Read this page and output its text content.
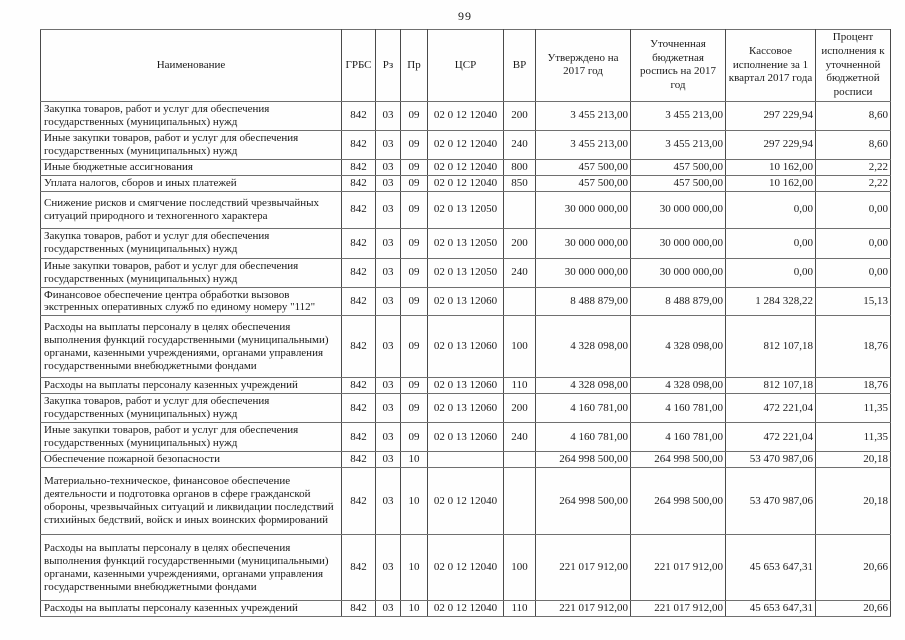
99
Наименование	ГРБС	Рз	Пр	ЦСР	ВР	Утверждено на 2017 год	Уточненная бюджетная роспись на 2017 год	Кассовое исполнение за 1 квартал 2017 года	Процент исполнения к уточненной бюджетной росписи
Закупка товаров, работ и услуг для обеспечения государственных (муниципальных) нужд	842	03	09	02 0 12 12040	200	3 455 213,00	3 455 213,00	297 229,94	8,60
Иные закупки товаров, работ и услуг для обеспечения государственных (муниципальных) нужд	842	03	09	02 0 12 12040	240	3 455 213,00	3 455 213,00	297 229,94	8,60
Иные бюджетные ассигнования	842	03	09	02 0 12 12040	800	457 500,00	457 500,00	10 162,00	2,22
Уплата налогов, сборов и иных платежей	842	03	09	02 0 12 12040	850	457 500,00	457 500,00	10 162,00	2,22
Снижение рисков и смягчение последствий чрезвычайных ситуаций природного и техногенного характера	842	03	09	02 0 13 12050		30 000 000,00	30 000 000,00	0,00	0,00
Закупка товаров, работ и услуг для обеспечения государственных (муниципальных) нужд	842	03	09	02 0 13 12050	200	30 000 000,00	30 000 000,00	0,00	0,00
Иные закупки товаров, работ и услуг для обеспечения государственных (муниципальных) нужд	842	03	09	02 0 13 12050	240	30 000 000,00	30 000 000,00	0,00	0,00
Финансовое обеспечение центра обработки вызовов экстренных оперативных служб по единому номеру "112"	842	03	09	02 0 13 12060		8 488 879,00	8 488 879,00	1 284 328,22	15,13
Расходы на выплаты персоналу в целях обеспечения выполнения функций государственными (муниципальными) органами, казенными учреждениями, органами управления государственными внебюджетными фондами	842	03	09	02 0 13 12060	100	4 328 098,00	4 328 098,00	812 107,18	18,76
Расходы на выплаты персоналу казенных учреждений	842	03	09	02 0 13 12060	110	4 328 098,00	4 328 098,00	812 107,18	18,76
Закупка товаров, работ и услуг для обеспечения государственных (муниципальных) нужд	842	03	09	02 0 13 12060	200	4 160 781,00	4 160 781,00	472 221,04	11,35
Иные закупки товаров, работ и услуг для обеспечения государственных (муниципальных) нужд	842	03	09	02 0 13 12060	240	4 160 781,00	4 160 781,00	472 221,04	11,35
Обеспечение пожарной безопасности	842	03	10			264 998 500,00	264 998 500,00	53 470 987,06	20,18
Материально-техническое, финансовое обеспечение деятельности и подготовка органов в сфере гражданской обороны, чрезвычайных ситуаций и ликвидации последствий стихийных бедствий, войск и иных воинских формирований	842	03	10	02 0 12 12040		264 998 500,00	264 998 500,00	53 470 987,06	20,18
Расходы на выплаты персоналу в целях обеспечения выполнения функций государственными (муниципальными) органами, казенными учреждениями, органами управления государственными внебюджетными фондами	842	03	10	02 0 12 12040	100	221 017 912,00	221 017 912,00	45 653 647,31	20,66
Расходы на выплаты персоналу казенных учреждений	842	03	10	02 0 12 12040	110	221 017 912,00	221 017 912,00	45 653 647,31	20,66
